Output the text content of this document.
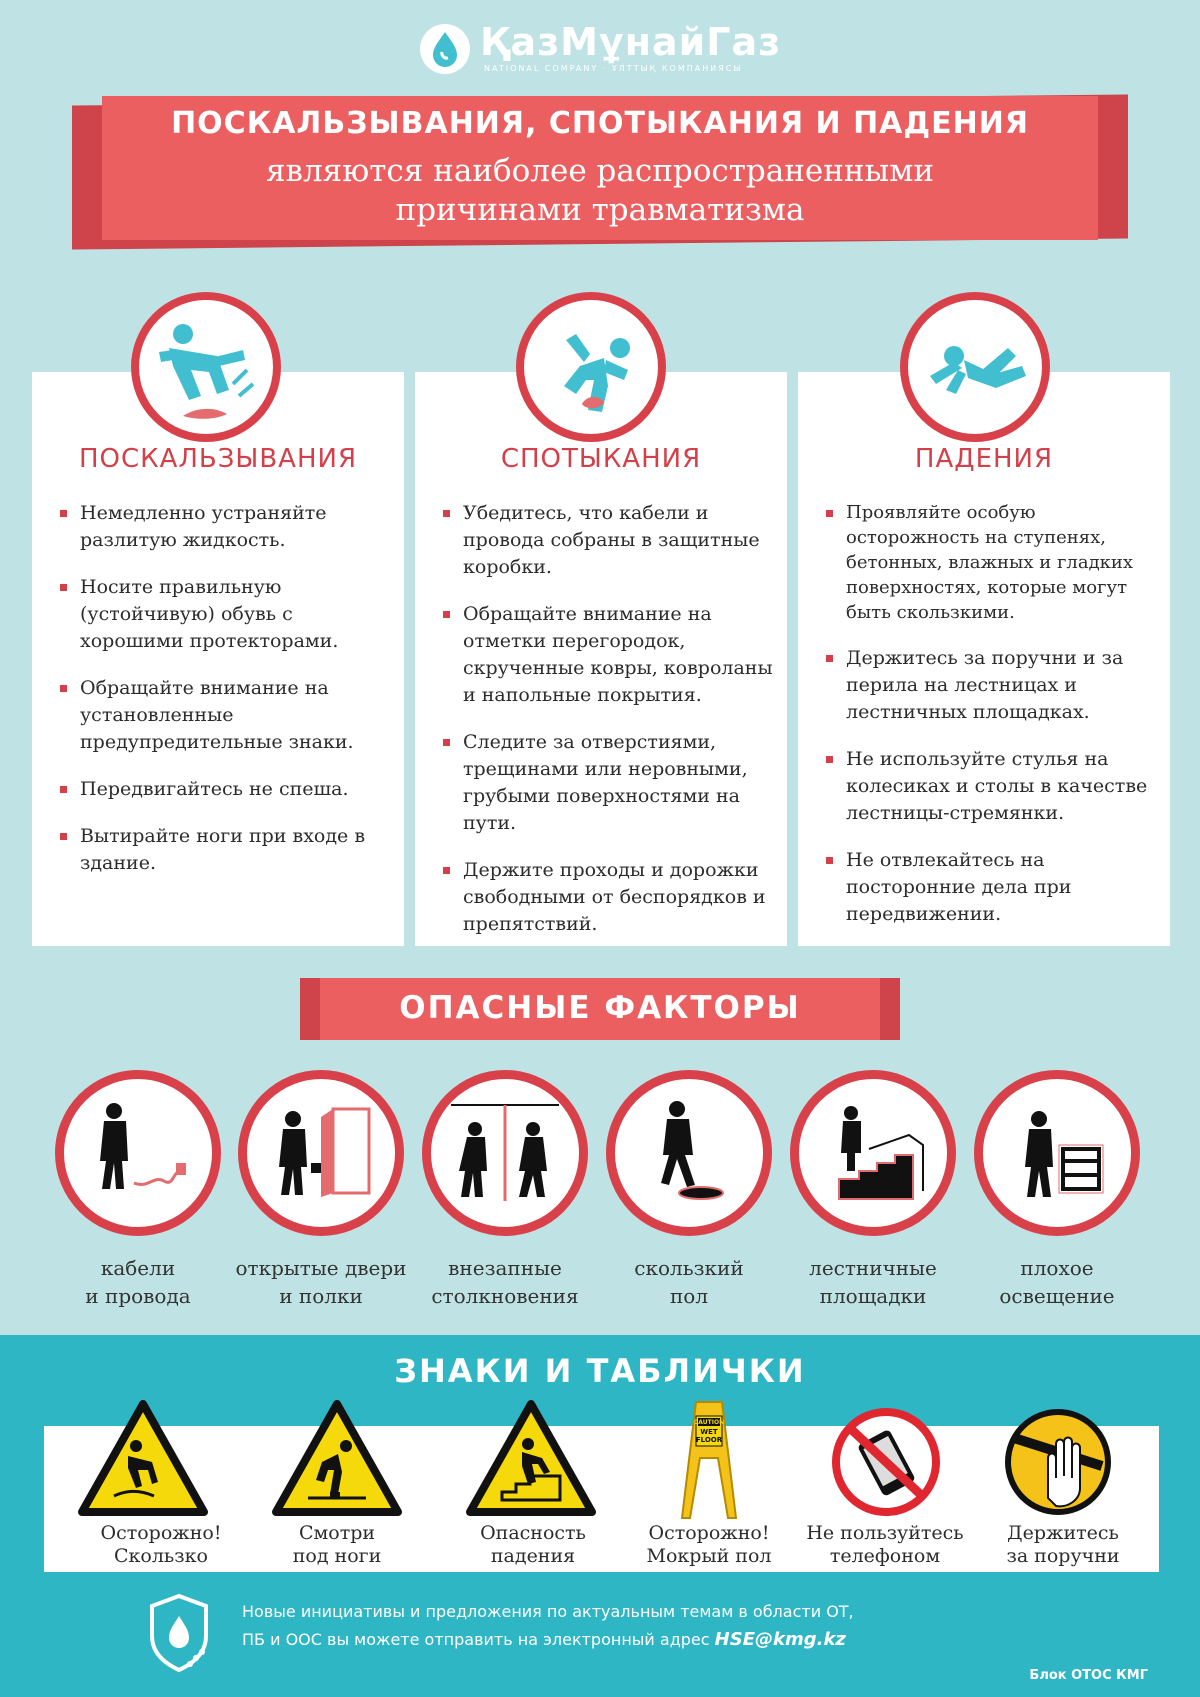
ҚазМұнайГаз
NATIONAL COMPANY · ҰЛТТЫҚ КОМПАНИЯСЫ
ПОСКАЛЬЗЫВАНИЯ, СПОТЫКАНИЯ И ПАДЕНИЯ
являются наиболее распространенными
причинами травматизма
ПОСКАЛЬЗЫВАНИЯ
Немедленно устраняйте разлитую жидкость.
Носите правильную (устойчивую) обувь с хорошими протекторами.
Обращайте внимание на установленные предупредительные знаки.
Передвигайтесь не спеша.
Вытирайте ноги при входе в здание.
СПОТЫКАНИЯ
Убедитесь, что кабели и провода собраны в защитные коробки.
Обращайте внимание на отметки перегородок, скрученные ковры, ковроланы и напольные покрытия.
Следите за отверстиями, трещинами или неровными, грубыми поверхностями на пути.
Держите проходы и дорожки свободными от беспорядков и препятствий.
ПАДЕНИЯ
Проявляйте особую осторожность на ступенях, бетонных, влажных и гладких поверхностях, которые могут быть скользкими.
Держитесь за поручни и за перила на лестницах и лестничных площадках.
Не используйте стулья на колесиках и столы в качестве лестницы-стремянки.
Не отвлекайтесь на посторонние дела при передвижении.
ОПАСНЫЕ ФАКТОРЫ
кабели
и провода
открытые двери
и полки
внезапные
столкновения
скользкий
пол
лестничные
площадки
плохое
освещение
ЗНАКИ И ТАБЛИЧКИ
Осторожно!
Скользко
Смотри
под ноги
Опасность
падения
CAUTION
WET
FLOOR
Осторожно!
Мокрый пол
Не пользуйтесь
телефоном
Держитесь
за поручни
Новые инициативы и предложения по актуальным темам в области ОТ,
ПБ и ООС вы можете отправить на электронный адрес HSE@kmg.kz
Блок ОТОС КМГ
